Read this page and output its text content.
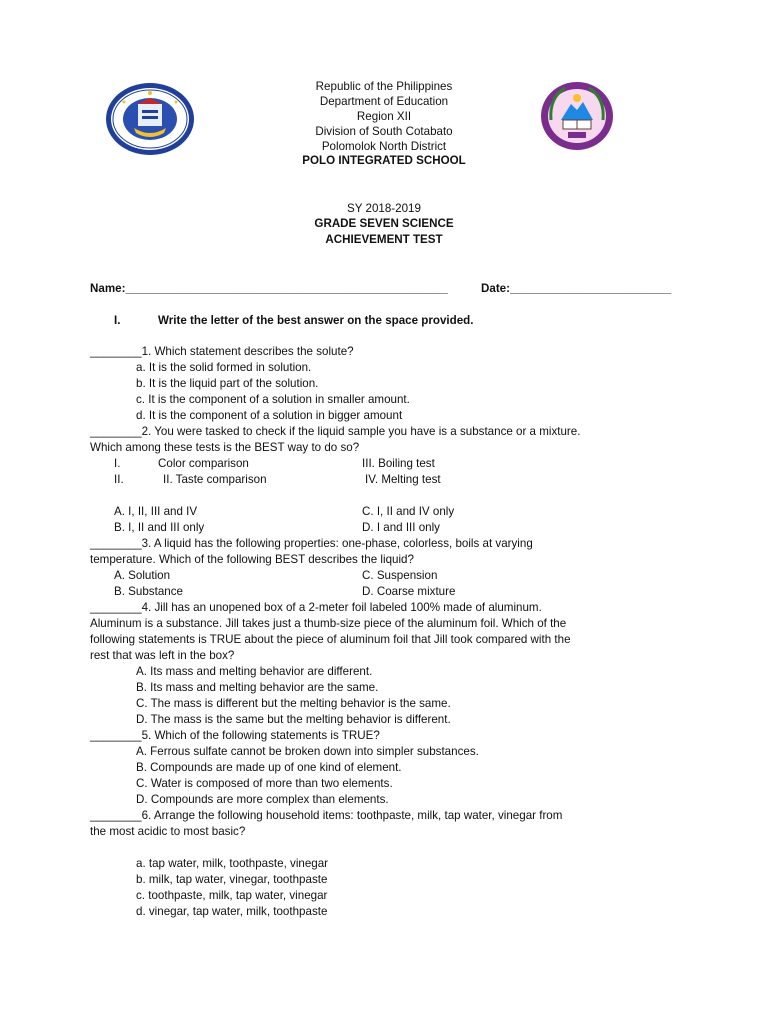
Republic of the Philippines
Department of Education
Region XII
Division of South Cotabato
Polomolok North District
POLO INTEGRATED SCHOOL
SY 2018-2019
GRADE SEVEN SCIENCE
ACHIEVEMENT TEST
Name:__________________________________________________	Date:_________________________
I.	Write the letter of the best answer on the space provided.
________1. Which statement describes the solute?
a. It is the solid formed in solution.
b. It is the liquid part of the solution.
c. It is the component of a solution in smaller amount.
d. It is the component of a solution in bigger amount
________2. You were tasked to check if the liquid sample you have is a substance or a mixture.
Which among these tests is the BEST way to do so?
I.	Color comparison	III. Boiling test
II.	II. Taste comparison	IV. Melting test
A. I, II, III and IV	C. I, II and IV only
B. I, II and III only	D. I and III only
________3. A liquid has the following properties: one-phase, colorless, boils at varying
temperature. Which of the following BEST describes the liquid?
A. Solution	C. Suspension
B. Substance	D. Coarse mixture
________4. Jill has an unopened box of a 2-meter foil labeled 100% made of aluminum.
Aluminum is a substance. Jill takes just a thumb-size piece of the aluminum foil. Which of the
following statements is TRUE about the piece of aluminum foil that Jill took compared with the
rest that was left in the box?
A. Its mass and melting behavior are different.
B. Its mass and melting behavior are the same.
C. The mass is different but the melting behavior is the same.
D. The mass is the same but the melting behavior is different.
________5. Which of the following statements is TRUE?
A. Ferrous sulfate cannot be broken down into simpler substances.
B. Compounds are made up of one kind of element.
C. Water is composed of more than two elements.
D. Compounds are more complex than elements.
________6. Arrange the following household items: toothpaste, milk, tap water, vinegar from
the most acidic to most basic?
a. tap water, milk, toothpaste, vinegar
b. milk, tap water, vinegar, toothpaste
c. toothpaste, milk, tap water, vinegar
d. vinegar, tap water, milk, toothpaste
